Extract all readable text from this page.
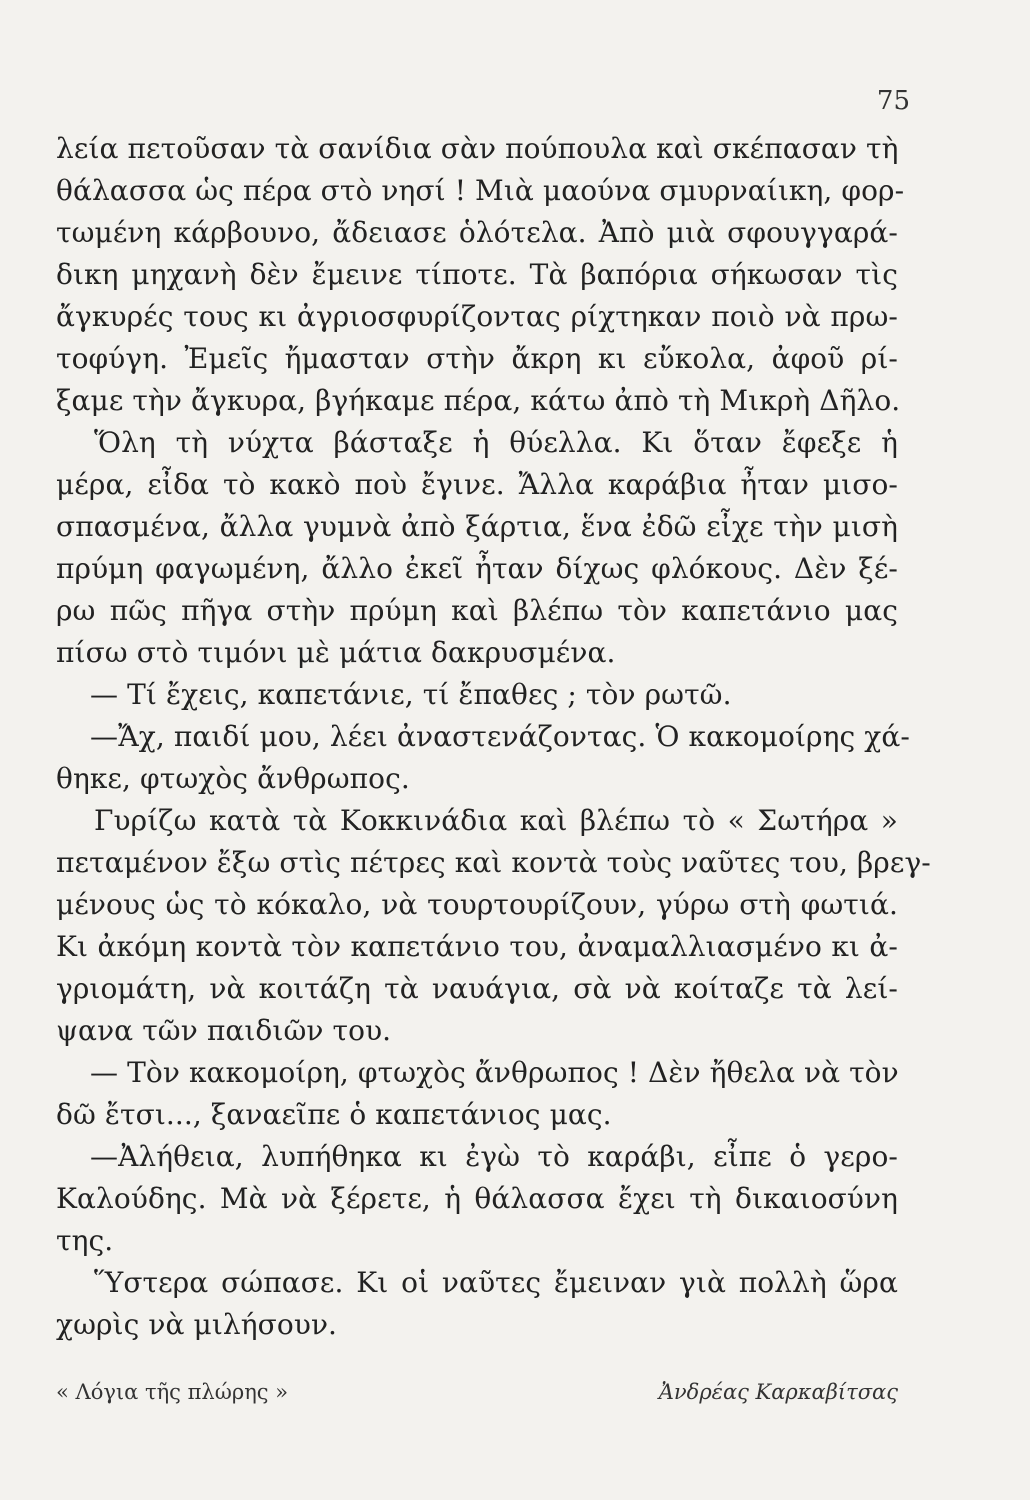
75
λεία πετοῦσαν τὰ σανίδια σὰν πούπουλα καὶ σκέπασαν τὴ
θάλασσα ὡς πέρα στὸ νησί ! Μιὰ μαούνα σμυρναίικη, φορ-
τωμένη κάρβουνο, ἄδειασε ὁλότελα. Ἀπὸ μιὰ σφουγγαρά-
δικη μηχανὴ δὲν ἔμεινε τίποτε. Τὰ βαπόρια σήκωσαν τὶς
ἄγκυρές τους κι ἀγριοσφυρίζοντας ρίχτηκαν ποιὸ νὰ πρω-
τοφύγη. Ἐμεῖς ἤμασταν στὴν ἄκρη κι εὔκολα, ἀφοῦ ρί-
ξαμε τὴν ἄγκυρα, βγήκαμε πέρα, κάτω ἀπὸ τὴ Μικρὴ Δῆλο.
Ὅλη τὴ νύχτα βάσταξε ἡ θύελλα. Κι ὅταν ἔφεξε ἡ
μέρα, εἶδα τὸ κακὸ ποὺ ἔγινε. Ἄλλα καράβια ἦταν μισο-
σπασμένα, ἄλλα γυμνὰ ἀπὸ ξάρτια, ἕνα ἐδῶ εἶχε τὴν μισὴ
πρύμη φαγωμένη, ἄλλο ἐκεῖ ἦταν δίχως φλόκους. Δὲν ξέ-
ρω πῶς πῆγα στὴν πρύμη καὶ βλέπω τὸν καπετάνιο μας
πίσω στὸ τιμόνι μὲ μάτια δακρυσμένα.
— Τί ἔχεις, καπετάνιε, τί ἔπαθες ; τὸν ρωτῶ.
—Ἄχ, παιδί μου, λέει ἀναστενάζοντας. Ὁ κακομοίρης χά-
θηκε, φτωχὸς ἄνθρωπος.
Γυρίζω κατὰ τὰ Κοκκινάδια καὶ βλέπω τὸ « Σωτήρα »
πεταμένον ἔξω στὶς πέτρες καὶ κοντὰ τοὺς ναῦτες του, βρεγ-
μένους ὡς τὸ κόκαλο, νὰ τουρτουρίζουν, γύρω στὴ φωτιά.
Κι ἀκόμη κοντὰ τὸν καπετάνιο του, ἀναμαλλιασμένο κι ἀ-
γριομάτη, νὰ κοιτάζη τὰ ναυάγια, σὰ νὰ κοίταζε τὰ λεί-
ψανα τῶν παιδιῶν του.
— Τὸν κακομοίρη, φτωχὸς ἄνθρωπος ! Δὲν ἤθελα νὰ τὸν
δῶ ἔτσι..., ξαναεῖπε ὁ καπετάνιος μας.
—Ἀλήθεια, λυπήθηκα κι ἐγὼ τὸ καράβι, εἶπε ὁ γερο-
Καλούδης. Μὰ νὰ ξέρετε, ἡ θάλασσα ἔχει τὴ δικαιοσύνη
της.
Ὕστερα σώπασε. Κι οἱ ναῦτες ἔμειναν γιὰ πολλὴ ὥρα
χωρὶς νὰ μιλήσουν.
« Λόγια τῆς πλώρης »	Ἀνδρέας Καρκαβίτσας
